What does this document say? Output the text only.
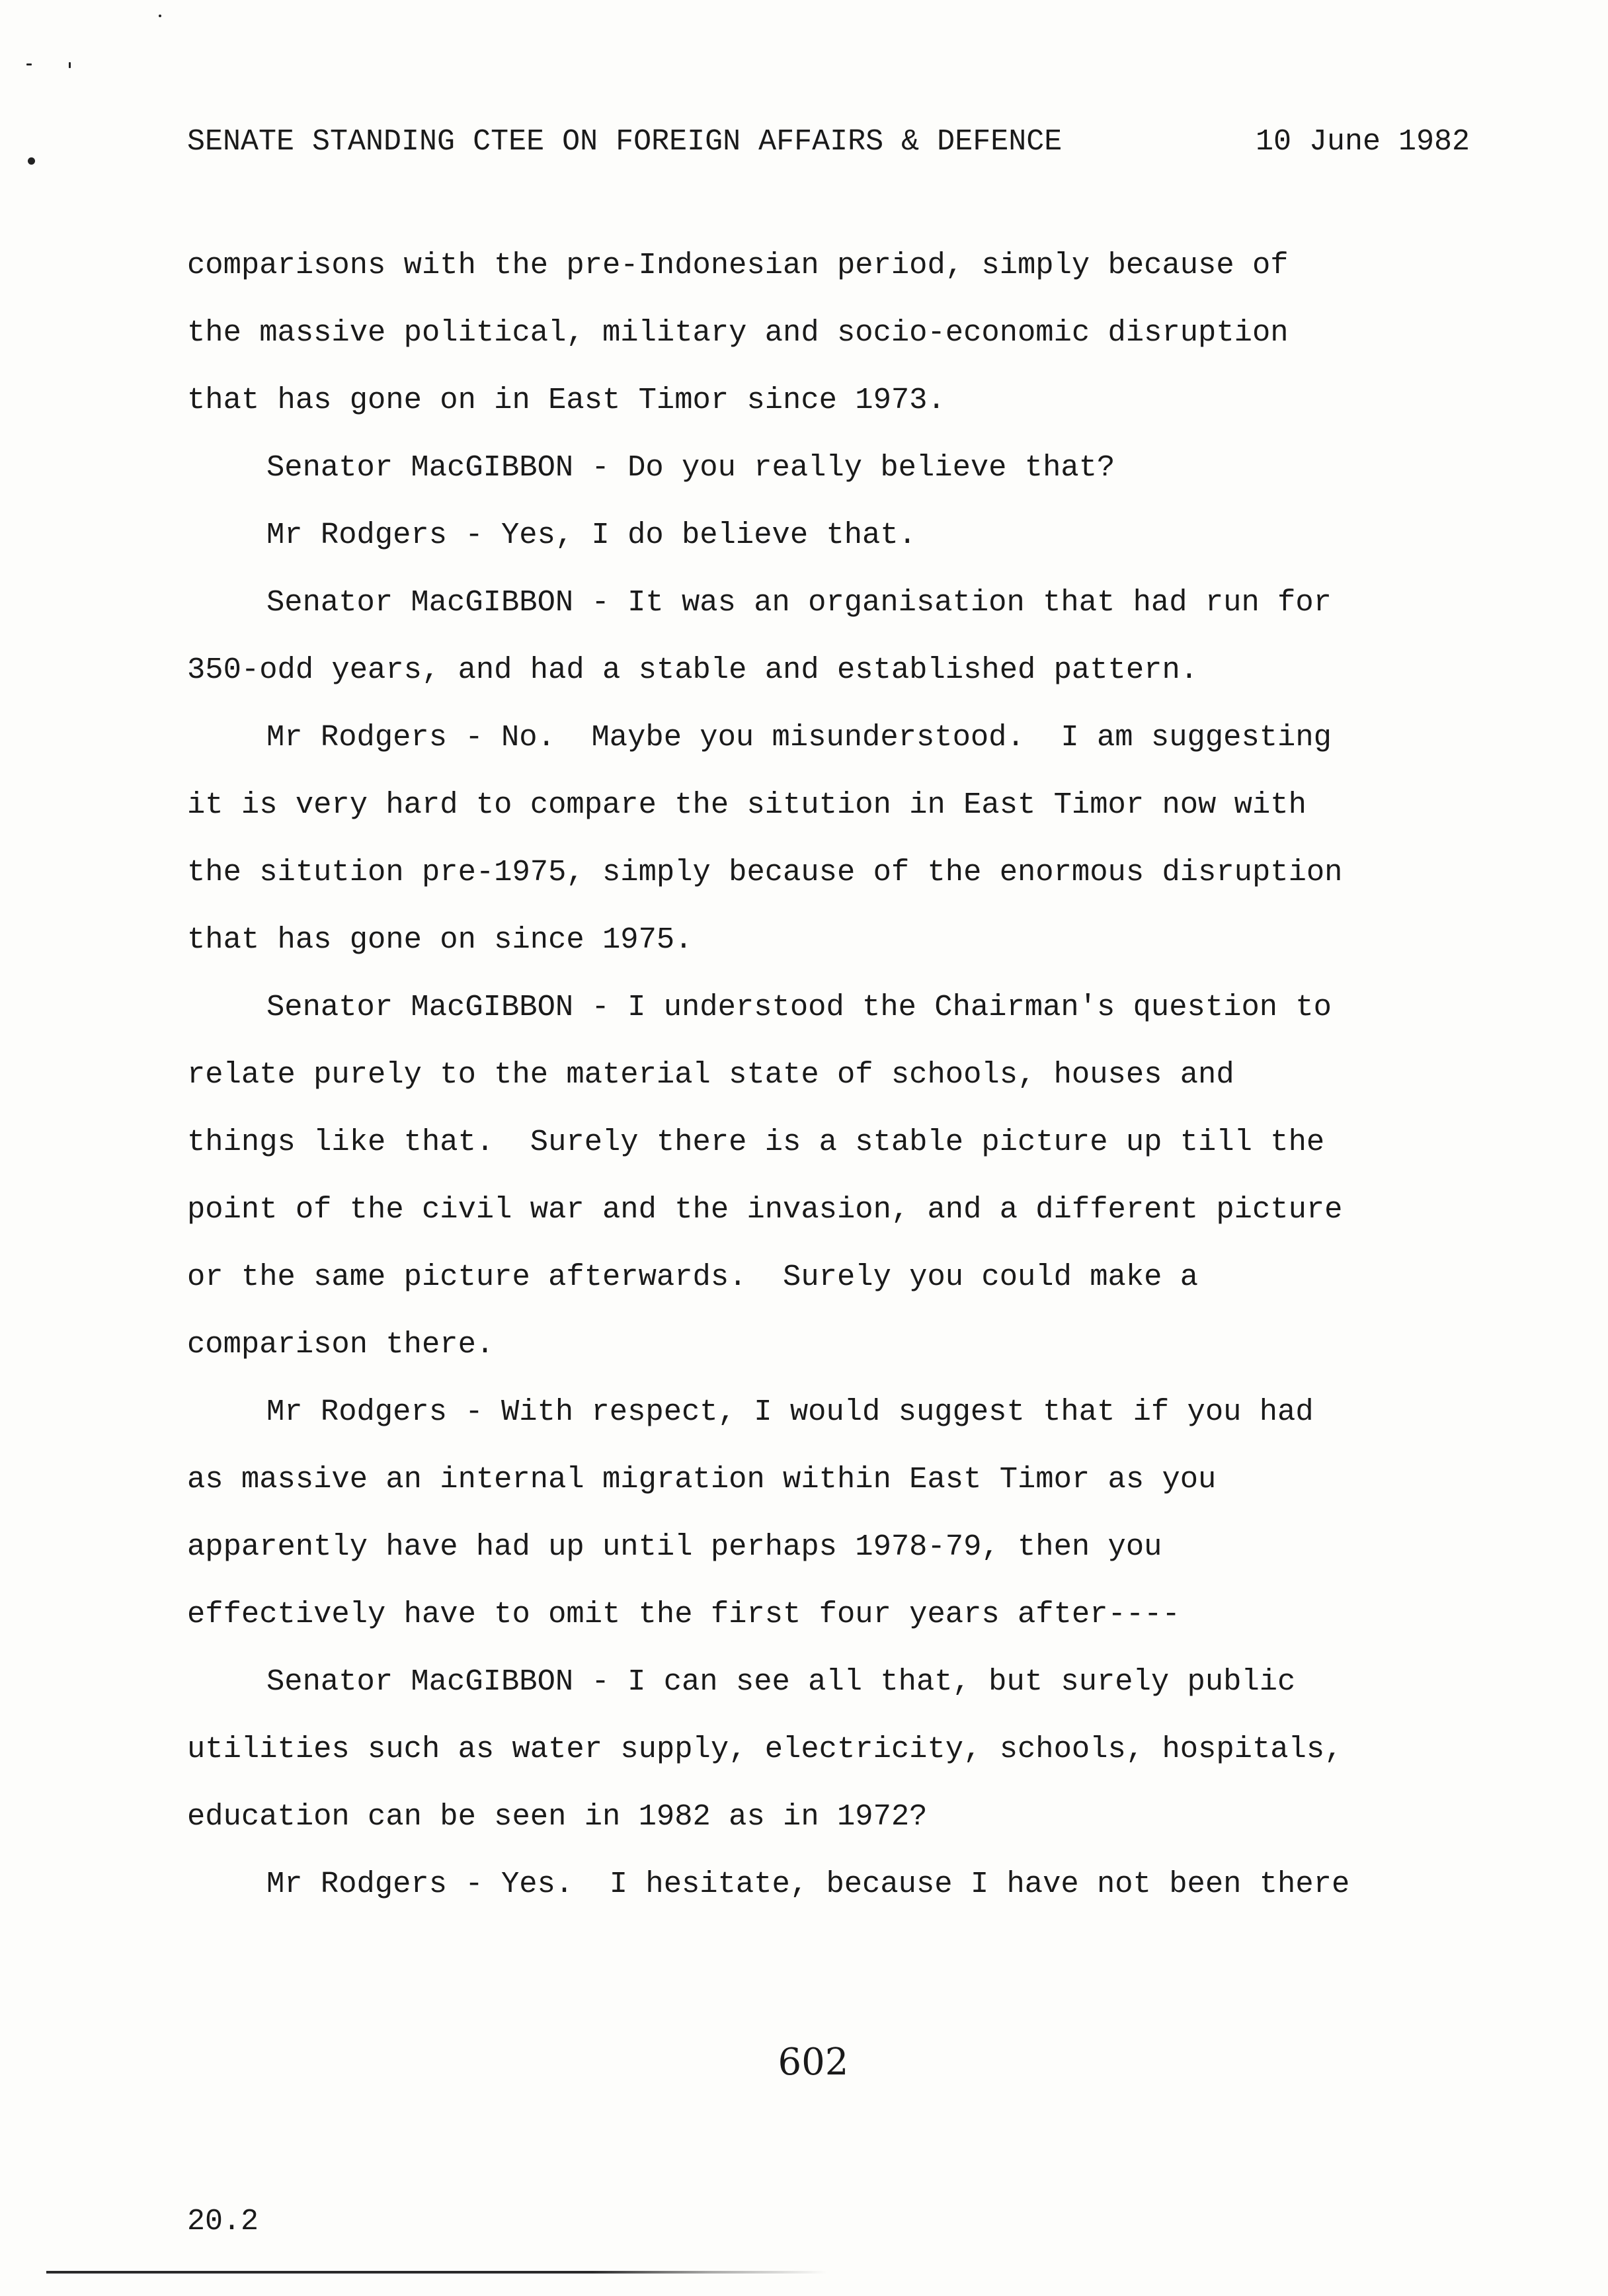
SENATE STANDING CTEE ON FOREIGN AFFAIRS & DEFENCE

	10 June 1982

comparisons with the pre-Indonesian period, simply because of
the massive political, military and socio-economic disruption
that has gone on in East Timor since 1973.
Senator MacGIBBON - Do you really believe that?
Mr Rodgers - Yes, I do believe that.
Senator MacGIBBON - It was an organisation that had run for
350-odd years, and had a stable and established pattern.
Mr Rodgers - No.  Maybe you misunderstood.  I am suggesting
it is very hard to compare the sitution in East Timor now with
the sitution pre-1975, simply because of the enormous disruption
that has gone on since 1975.
Senator MacGIBBON - I understood the Chairman's question to
relate purely to the material state of schools, houses and
things like that.  Surely there is a stable picture up till the
point of the civil war and the invasion, and a different picture
or the same picture afterwards.  Surely you could make a
comparison there.
Mr Rodgers - With respect, I would suggest that if you had
as massive an internal migration within East Timor as you
apparently have had up until perhaps 1978-79, then you
effectively have to omit the first four years after----
Senator MacGIBBON - I can see all that, but surely public
utilities such as water supply, electricity, schools, hospitals,
education can be seen in 1982 as in 1972?
Mr Rodgers - Yes.  I hesitate, because I have not been there
602
20.2
